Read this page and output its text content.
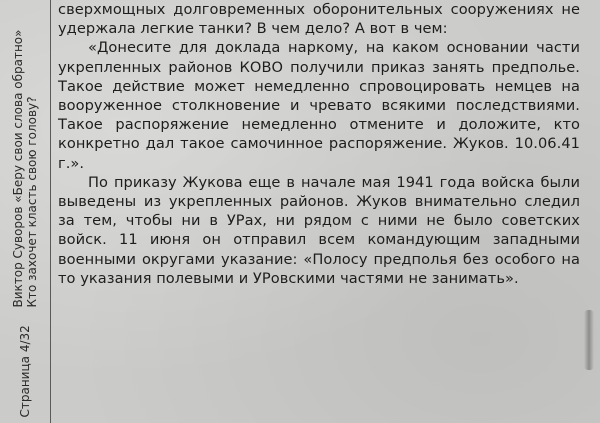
Страница 4/32
Виктор Суворов «Беру свои слова обратно» Кто захочет класть свою голову?

сверхмощных долговременных оборонительных сооружениях не удержала легкие танки? В чем дело? А вот в чем:

«Донесите для доклада наркому, на каком основании части укрепленных районов КОВО получили приказ занять предполье. Такое действие может немедленно спровоцировать немцев на вооруженное столкновение и чревато всякими последствиями. Такое распоряжение немедленно отмените и доложите, кто конкретно дал такое самочинное распоряжение. Жуков. 10.06.41 г.».

По приказу Жукова еще в начале мая 1941 года войска были выведены из укрепленных районов. Жуков внимательно следил за тем, чтобы ни в УРах, ни рядом с ними не было советских войск. 11 июня он отправил всем командующим западными военными округами указание: «Полосу предполья без особого на то указания полевыми и УРовскими частями не занимать».
